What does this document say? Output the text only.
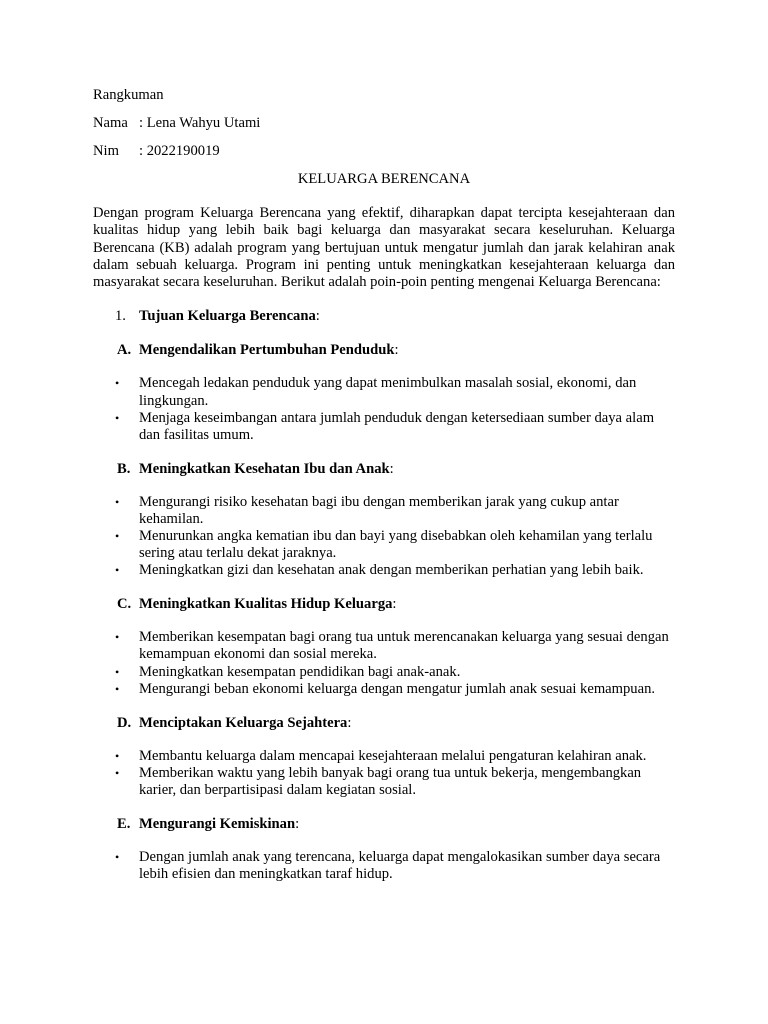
Rangkuman
Nama : Lena Wahyu Utami
Nim	: 2022190019
KELUARGA BERENCANA

Dengan program Keluarga Berencana yang efektif, diharapkan dapat tercipta kesejahteraan dan kualitas hidup yang lebih baik bagi keluarga dan masyarakat secara keseluruhan. Keluarga Berencana (KB) adalah program yang bertujuan untuk mengatur jumlah dan jarak kelahiran anak dalam sebuah keluarga. Program ini penting untuk meningkatkan kesejahteraan keluarga dan masyarakat secara keseluruhan. Berikut adalah poin-poin penting mengenai Keluarga Berencana:

1. Tujuan Keluarga Berencana:
A. Mengendalikan Pertumbuhan Penduduk:
• Mencegah ledakan penduduk yang dapat menimbulkan masalah sosial, ekonomi, dan lingkungan.
• Menjaga keseimbangan antara jumlah penduduk dengan ketersediaan sumber daya alam dan fasilitas umum.
B. Meningkatkan Kesehatan Ibu dan Anak:
• Mengurangi risiko kesehatan bagi ibu dengan memberikan jarak yang cukup antar kehamilan.
• Menurunkan angka kematian ibu dan bayi yang disebabkan oleh kehamilan yang terlalu sering atau terlalu dekat jaraknya.
• Meningkatkan gizi dan kesehatan anak dengan memberikan perhatian yang lebih baik.
C. Meningkatkan Kualitas Hidup Keluarga:
• Memberikan kesempatan bagi orang tua untuk merencanakan keluarga yang sesuai dengan kemampuan ekonomi dan sosial mereka.
• Meningkatkan kesempatan pendidikan bagi anak-anak.
• Mengurangi beban ekonomi keluarga dengan mengatur jumlah anak sesuai kemampuan.
D. Menciptakan Keluarga Sejahtera:
• Membantu keluarga dalam mencapai kesejahteraan melalui pengaturan kelahiran anak.
• Memberikan waktu yang lebih banyak bagi orang tua untuk bekerja, mengembangkan karier, dan berpartisipasi dalam kegiatan sosial.
E. Mengurangi Kemiskinan:
• Dengan jumlah anak yang terencana, keluarga dapat mengalokasikan sumber daya secara lebih efisien dan meningkatkan taraf hidup.
